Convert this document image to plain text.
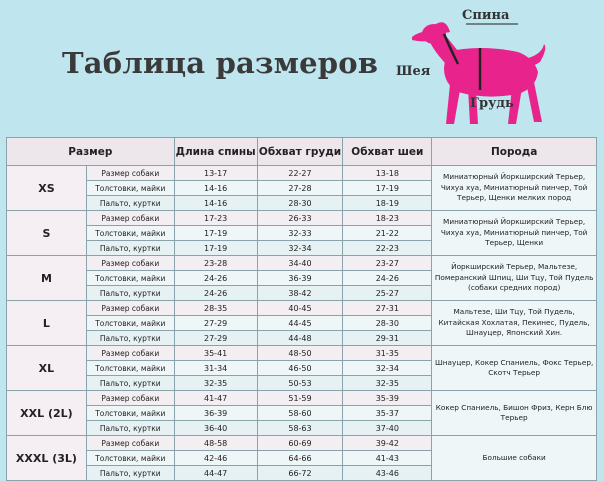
Таблица размеров
Спина
Шея
Грудь
Размер		Длина спины	Обхват груди	Обхват шеи	Порода
XS	Размер собаки	13-17	22-27	13-18	Миниатюрный Йоркширский Терьер, Чихуа хуа, Миниатюрный пинчер, Той Терьер, Щенки мелких пород
	Толстовки, майки	14-16	27-28	17-19	
	Пальто, куртки	14-16	28-30	18-19	
S	Размер собаки	17-23	26-33	18-23	Миниатюрный Йоркширский Терьер, Чихуа хуа, Миниатюрный пинчер, Той Терьер, Щенки
	Толстовки, майки	17-19	32-33	21-22	
	Пальто, куртки	17-19	32-34	22-23	
M	Размер собаки	23-28	34-40	23-27	Йоркширский Терьер, Мальтезе, Померанский Шпиц, Ши Тцу, Той Пудель (собаки средних пород)
	Толстовки, майки	24-26	36-39	24-26	
	Пальто, куртки	24-26	38-42	25-27	
L	Размер собаки	28-35	40-45	27-31	Мальтезе, Ши Тцу, Той Пудель, Китайская Хохлатая, Пекинес, Пудель, Шнауцер, Японский Хин.
	Толстовки, майки	27-29	44-45	28-30	
	Пальто, куртки	27-29	44-48	29-31	
XL	Размер собаки	35-41	48-50	31-35	Шнауцер, Кокер Спаниель, Фокс Терьер, Скотч Терьер
	Толстовки, майки	31-34	46-50	32-34	
	Пальто, куртки	32-35	50-53	32-35	
XXL (2L)	Размер собаки	41-47	51-59	35-39	Кокер Спаниель, Бишон Фриз, Керн Блю Терьер
	Толстовки, майки	36-39	58-60	35-37	
	Пальто, куртки	36-40	58-63	37-40	
XXXL (3L)	Размер собаки	48-58	60-69	39-42	Большие собаки
	Толстовки, майки	42-46	64-66	41-43	
	Пальто, куртки	44-47	66-72	43-46	
